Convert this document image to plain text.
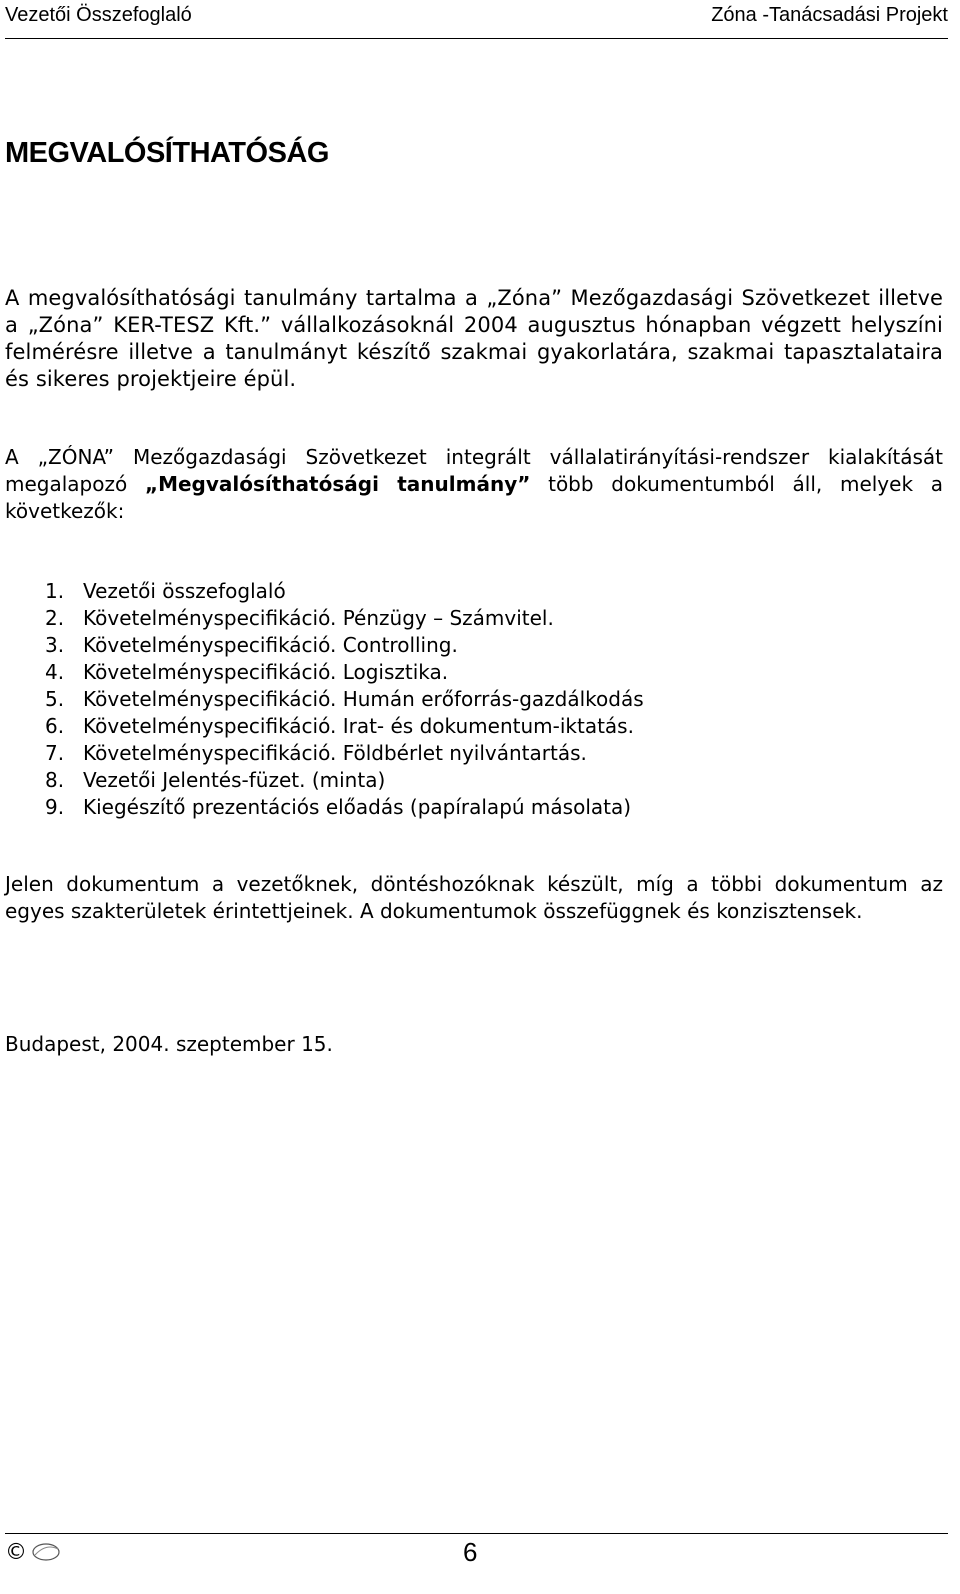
Vezetői Összefoglaló	Zóna -Tanácsadási Projekt
MEGVALÓSÍTHATÓSÁG

A megvalósíthatósági tanulmány tartalma a „Zóna” Mezőgazdasági Szövetkezet illetve a „Zóna” KER-TESZ Kft.” vállalkozásoknál 2004 augusztus hónapban végzett helyszíni felmérésre illetve a tanulmányt készítő szakmai gyakorlatára, szakmai tapasztalataira és sikeres projektjeire épül.

A „ZÓNA” Mezőgazdasági Szövetkezet integrált vállalatirányítási-rendszer kialakítását megalapozó „Megvalósíthatósági tanulmány” több dokumentumból áll, melyek a következők:

1. Vezetői összefoglaló
2. Követelményspecifikáció. Pénzügy – Számvitel.
3. Követelményspecifikáció. Controlling.
4. Követelményspecifikáció. Logisztika.
5. Követelményspecifikáció. Humán erőforrás-gazdálkodás
6. Követelményspecifikáció. Irat- és dokumentum-iktatás.
7. Követelményspecifikáció. Földbérlet nyilvántartás.
8. Vezetői Jelentés-füzet. (minta)
9. Kiegészítő prezentációs előadás (papíralapú másolata)

Jelen dokumentum a vezetőknek, döntéshozóknak készült, míg a többi dokumentum az egyes szakterületek érintettjeinek. A dokumentumok összefüggnek és konzisztensek.

Budapest, 2004. szeptember 15.

©	6
